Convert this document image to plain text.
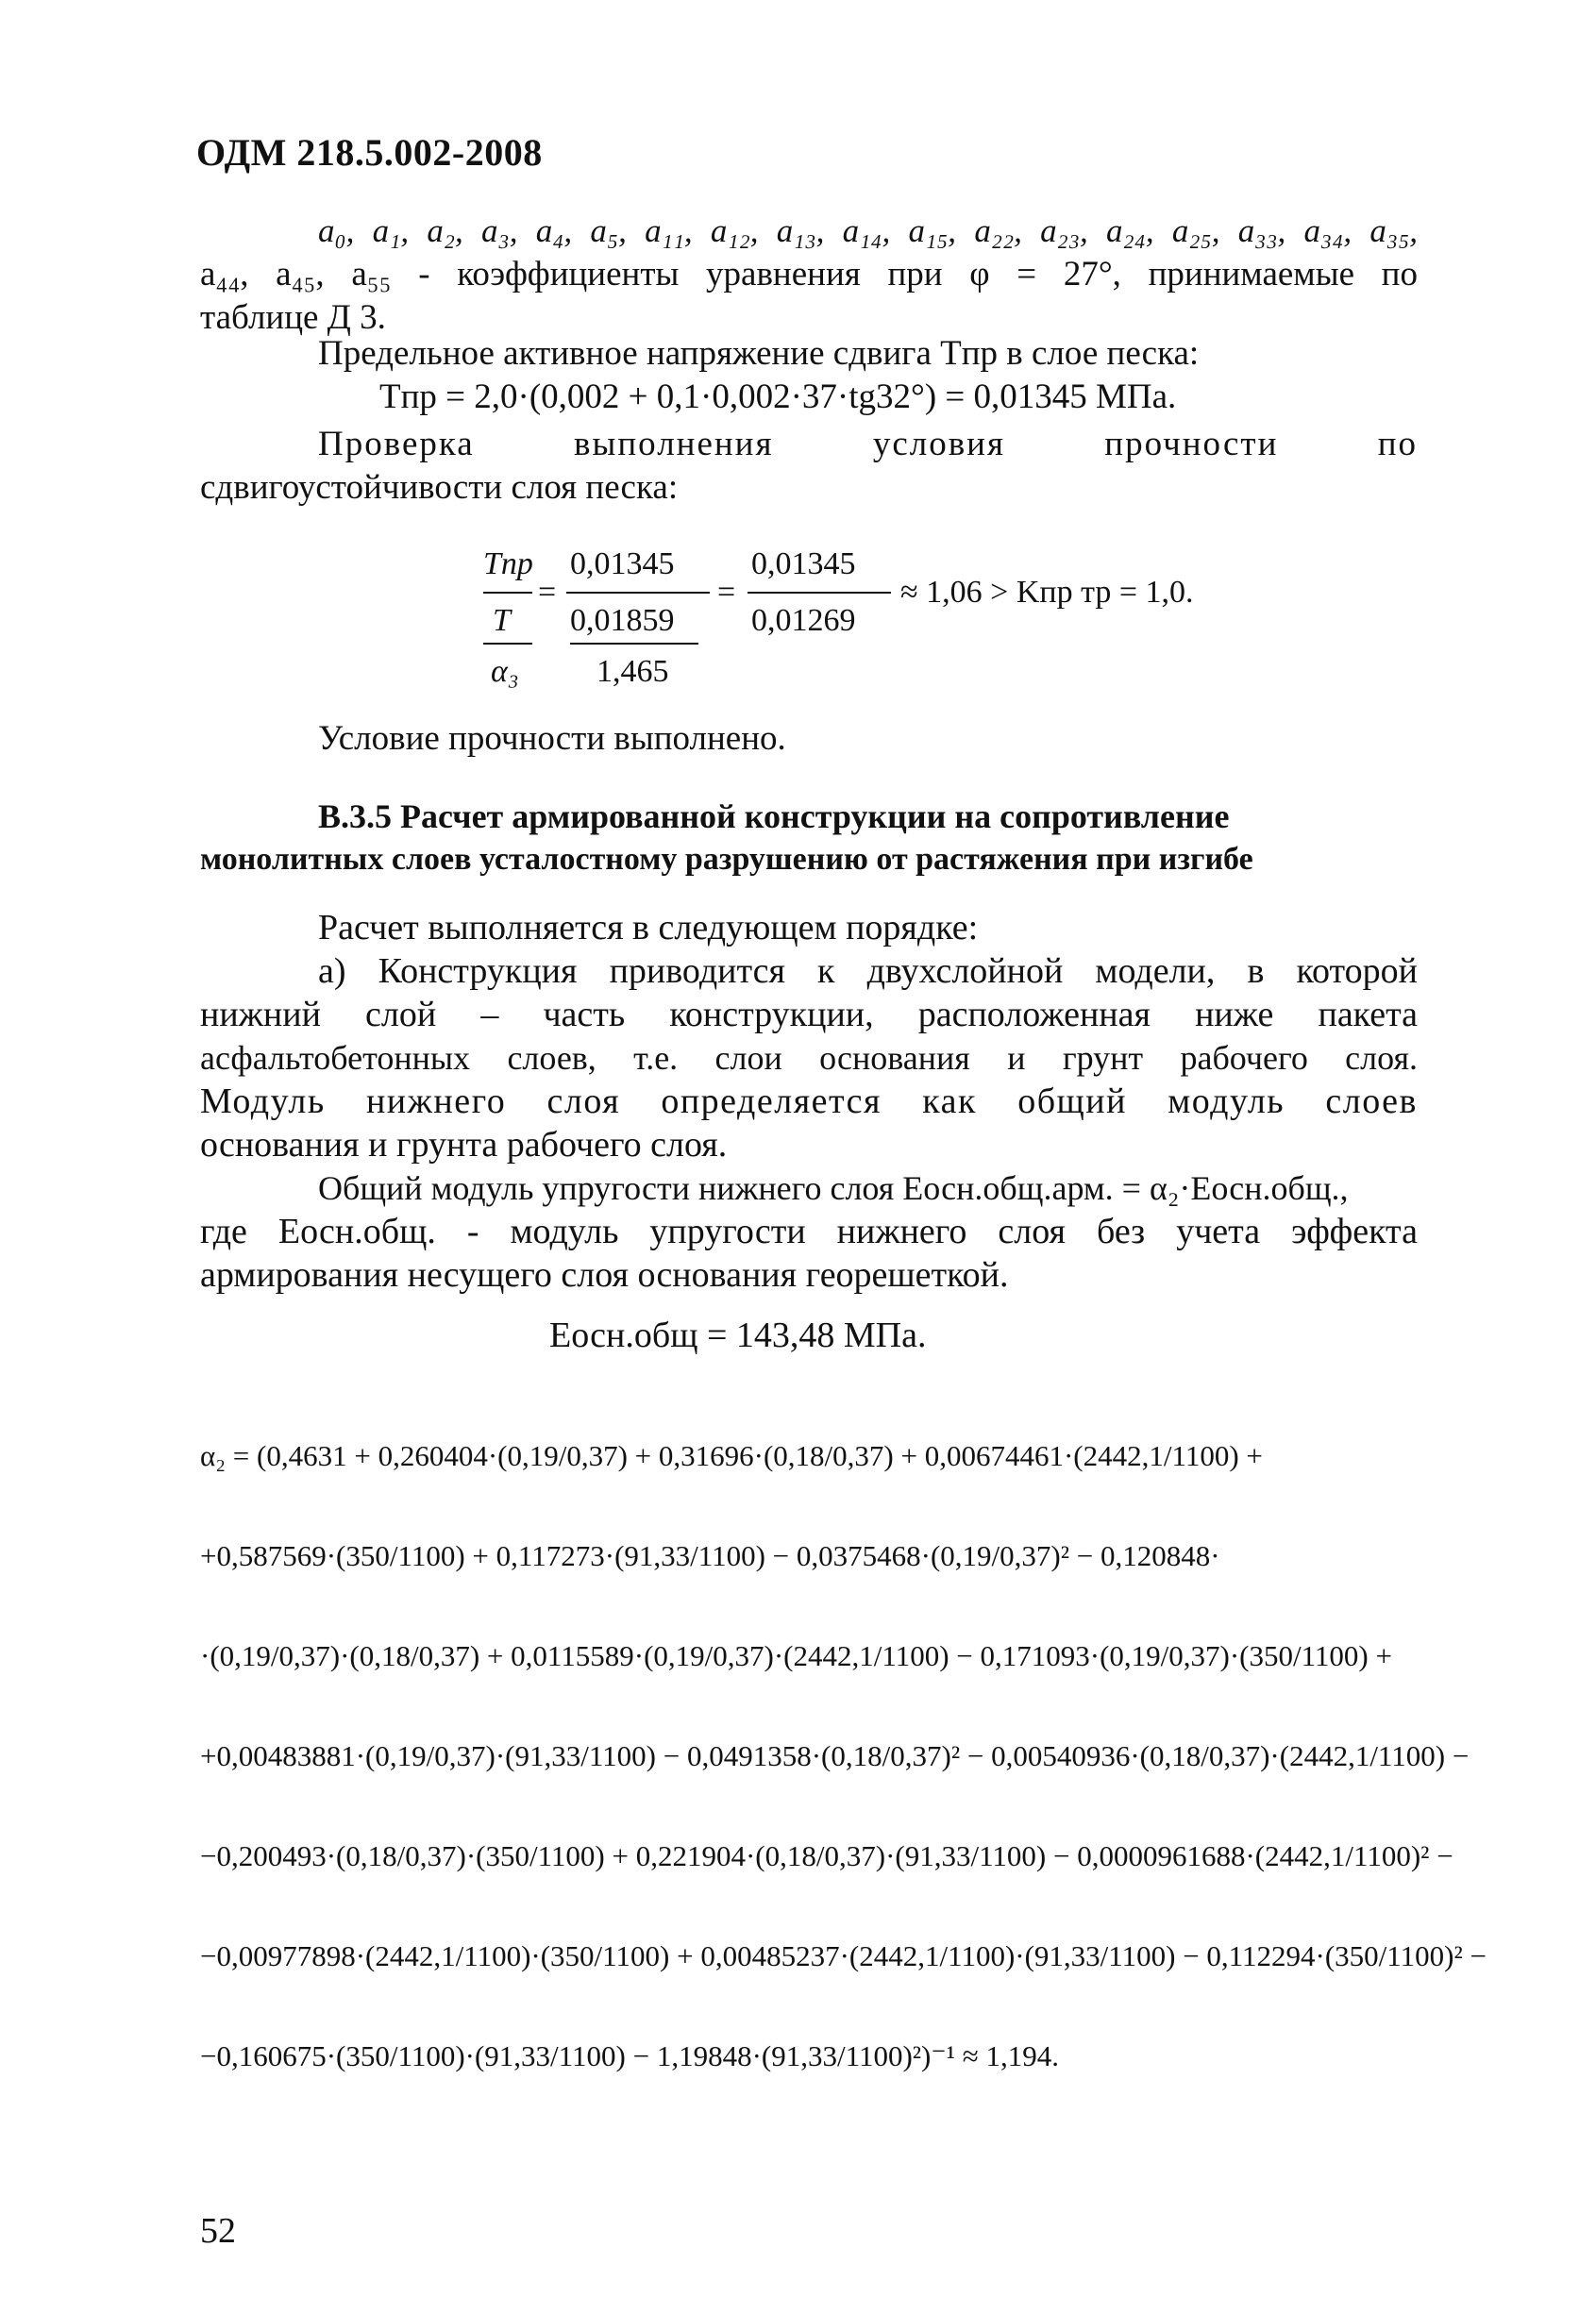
ОДМ 218.5.002-2008

a₀, a₁, a₂, a₃, a₄, a₅, a₁₁, a₁₂, a₁₃, a₁₄, a₁₅, a₂₂, a₂₃, a₂₄, a₂₅, a₃₃, a₃₄, a₃₅,

a₄₄, a₄₅, a₅₅ - коэффициенты уравнения при φ = 27°, принимаемые по

таблице Д 3.

Предельное активное напряжение сдвига Tпр в слое песка:

Tпр = 2,0·(0,002 + 0,1·0,002·37·tg32°) = 0,01345 МПа.

Проверка выполнения условия прочности по

сдвигоустойчивости слоя песка:

Tпр
T
α₃
=
0,01345
0,01859
1,465
=
0,01345
0,01269
≈ 1,06 > Kпр тр = 1,0.

Условие прочности выполнено.

В.3.5 Расчет армированной конструкции на сопротивление
монолитных слоев усталостному разрушению от растяжения при изгибе

Расчет выполняется в следующем порядке:

а) Конструкция приводится к двухслойной модели, в которой

нижний слой – часть конструкции, расположенная ниже пакета

асфальтобетонных слоев, т.е. слои основания и грунт рабочего слоя.

Модуль нижнего слоя определяется как общий модуль слоев

основания и грунта рабочего слоя.

Общий модуль упругости нижнего слоя Eосн.общ.арм. = α₂·Eосн.общ.,

где Eосн.общ. - модуль упругости нижнего слоя без учета эффекта

армирования несущего слоя основания георешеткой.

Eосн.общ = 143,48 МПа.

α₂ = (0,4631 + 0,260404·(0,19/0,37) + 0,31696·(0,18/0,37) + 0,00674461·(2442,1/1100) +

+0,587569·(350/1100) + 0,117273·(91,33/1100) − 0,0375468·(0,19/0,37)² − 0,120848·

·(0,19/0,37)·(0,18/0,37) + 0,0115589·(0,19/0,37)·(2442,1/1100) − 0,171093·(0,19/0,37)·(350/1100) +

+0,00483881·(0,19/0,37)·(91,33/1100) − 0,0491358·(0,18/0,37)² − 0,00540936·(0,18/0,37)·(2442,1/1100) −

−0,200493·(0,18/0,37)·(350/1100) + 0,221904·(0,18/0,37)·(91,33/1100) − 0,0000961688·(2442,1/1100)² −

−0,00977898·(2442,1/1100)·(350/1100) + 0,00485237·(2442,1/1100)·(91,33/1100) − 0,112294·(350/1100)² −

−0,160675·(350/1100)·(91,33/1100) − 1,19848·(91,33/1100)²)⁻¹ ≈ 1,194.

52
